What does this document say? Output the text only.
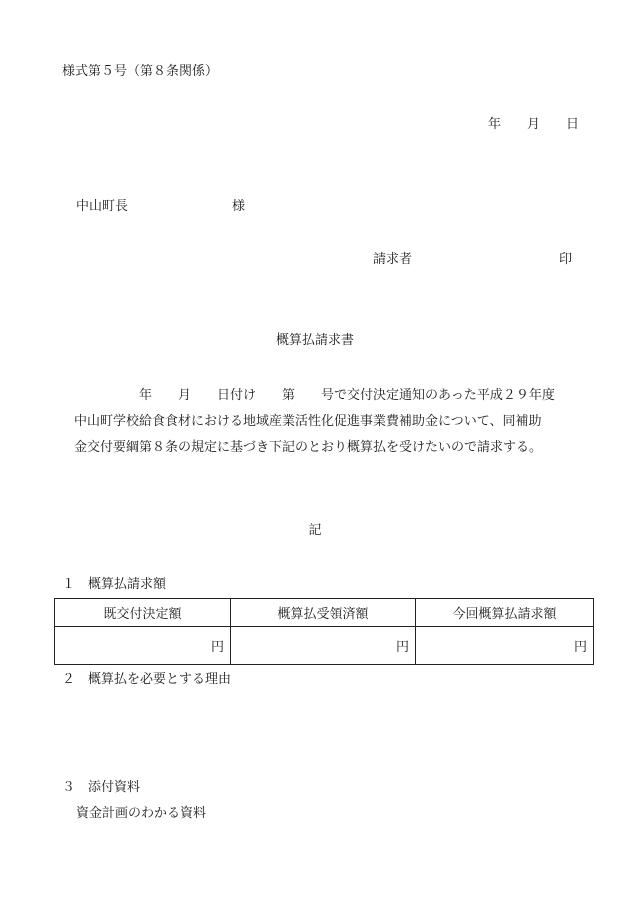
様式第５号（第８条関係）
年　　月　　日
中山町長　　　　　　　　様
請求者	印
概算払請求書
　　　　　年　　月　　日付け　　第　　号で交付決定通知のあった平成２９年度
中山町学校給食食材における地域産業活性化促進事業費補助金について、同補助
金交付要綱第８条の規定に基づき下記のとおり概算払を受けたいので請求する。
記
１　概算払請求額
既交付決定額	概算払受領済額	今回概算払請求額
円	円	円
２　概算払を必要とする理由
３　添付資料
資金計画のわかる資料
